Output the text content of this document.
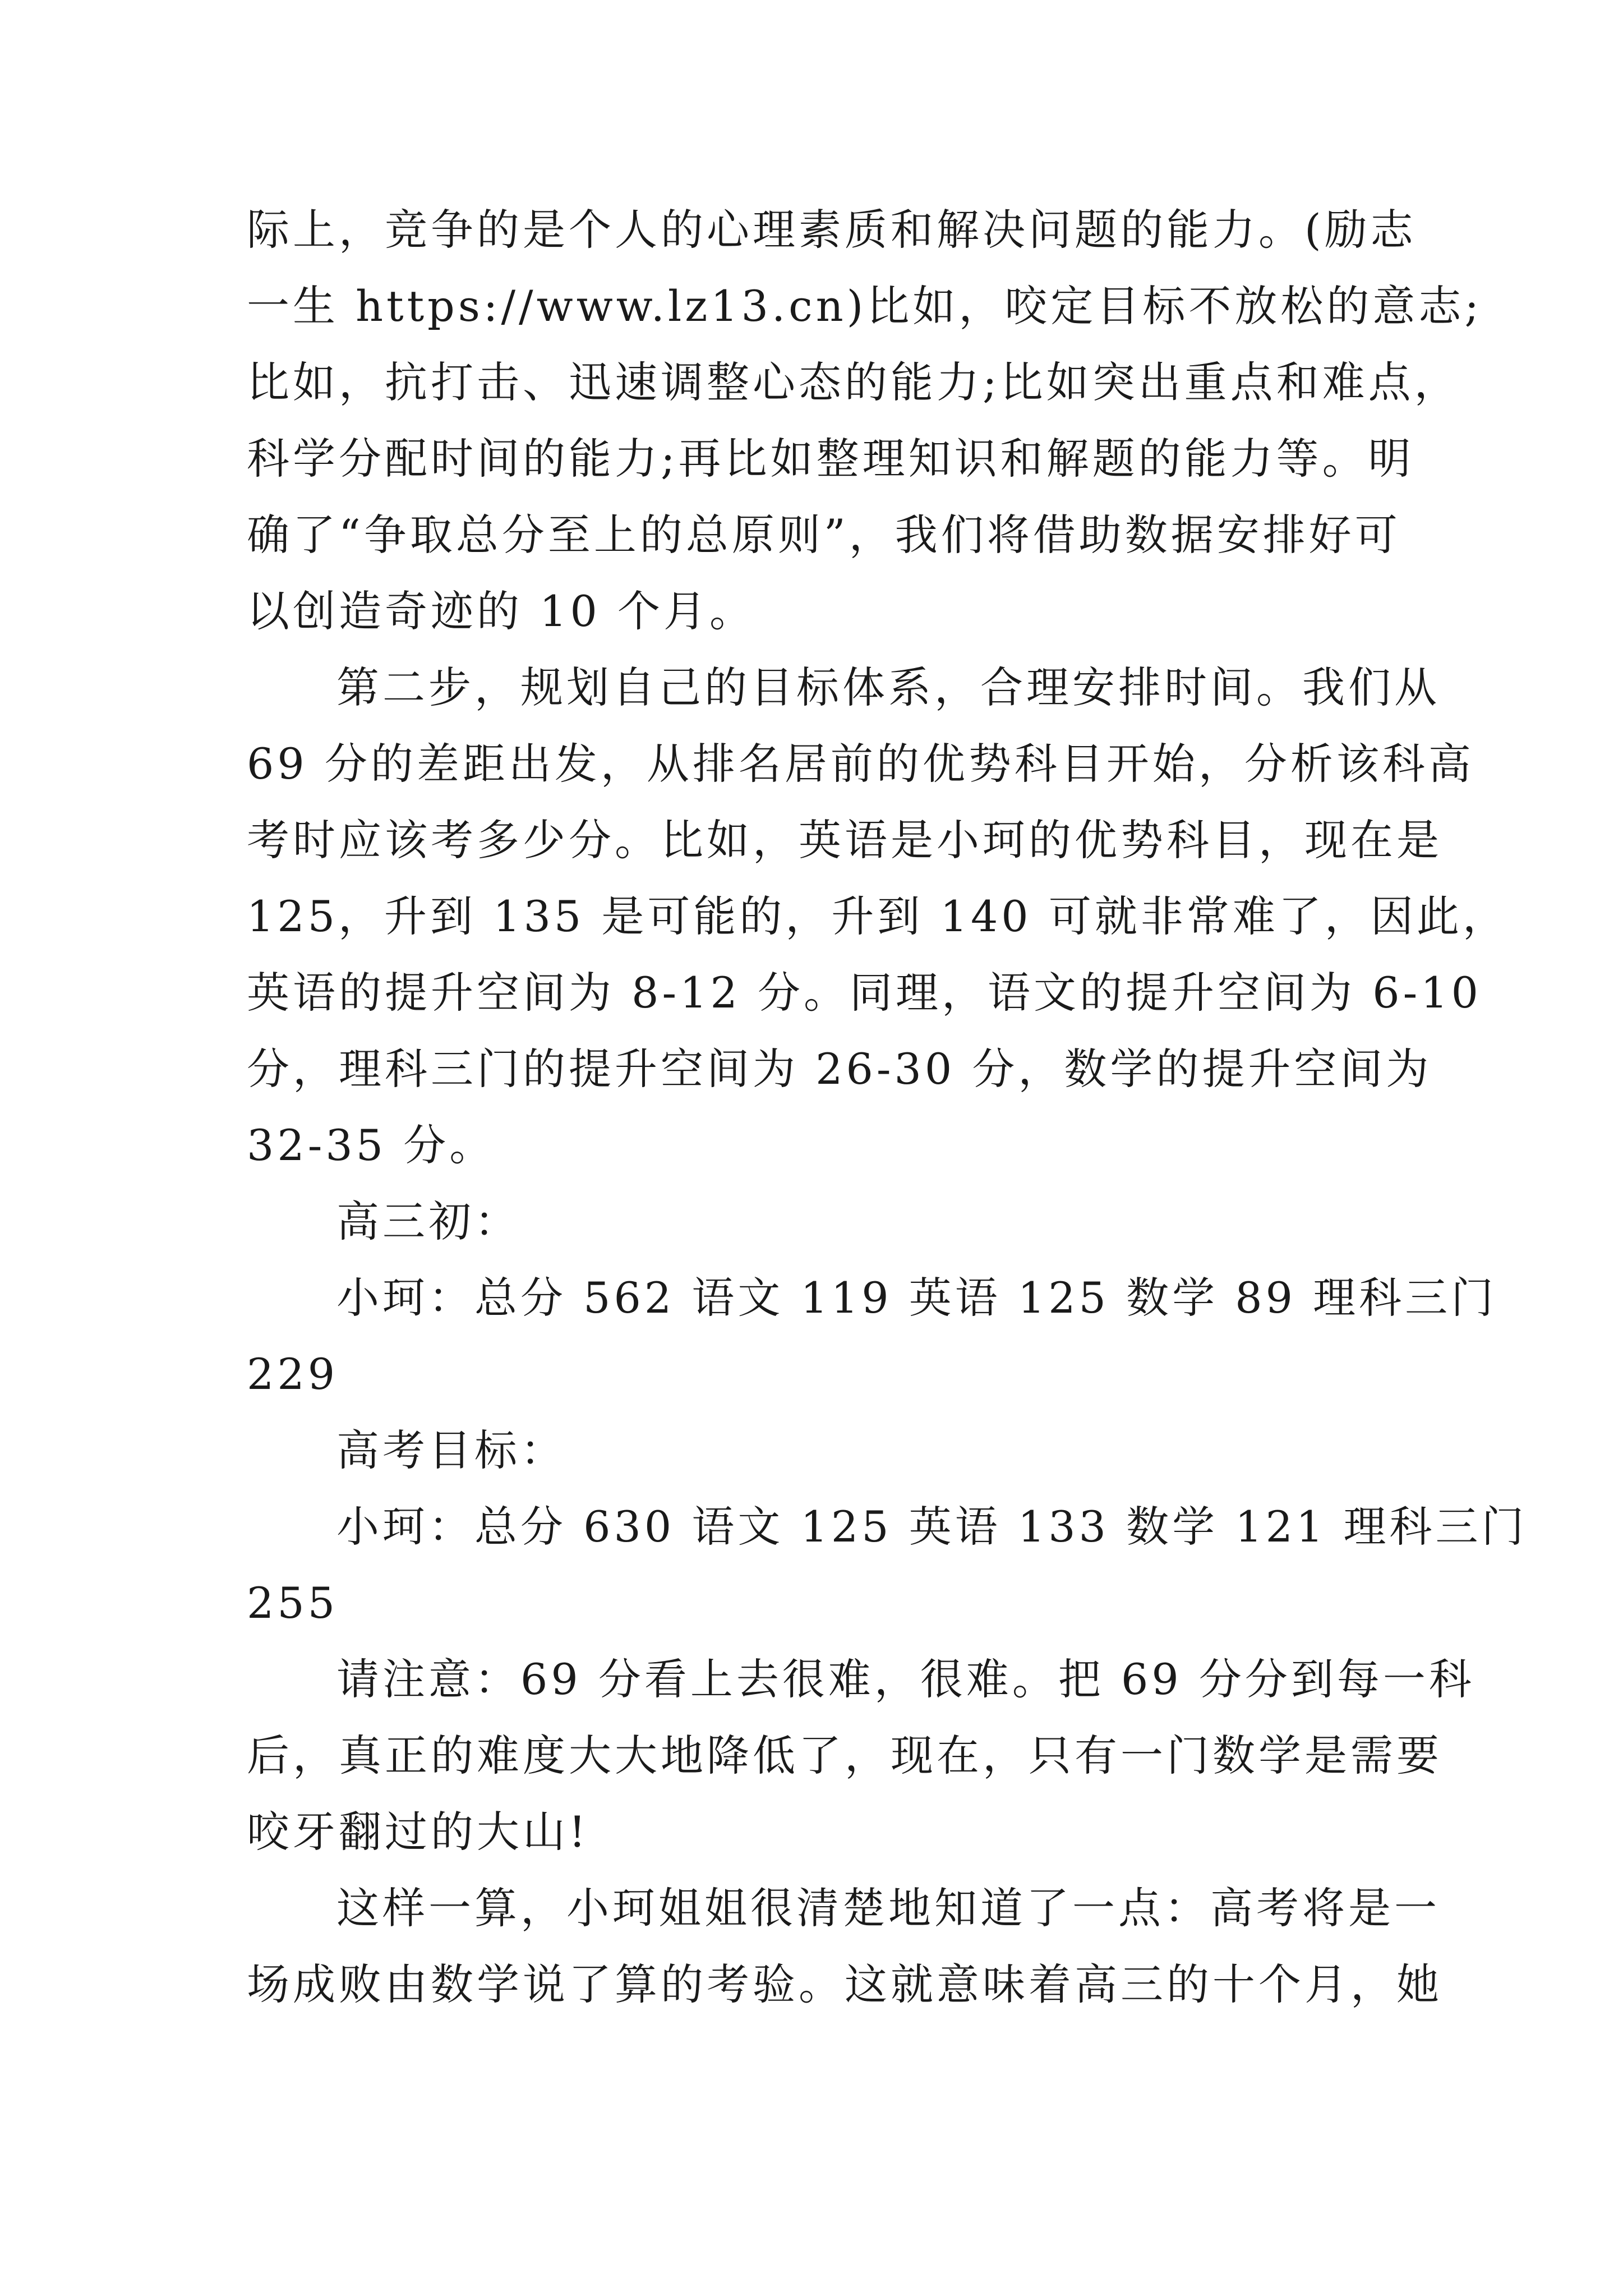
际上，竞争的是个人的心理素质和解决问题的能力。(励志
一生 https://www.lz13.cn)比如，咬定目标不放松的意志;
比如，抗打击、迅速调整心态的能力;比如突出重点和难点，
科学分配时间的能力;再比如整理知识和解题的能力等。明
确了“争取总分至上的总原则”，我们将借助数据安排好可
以创造奇迹的 10 个月。
第二步，规划自己的目标体系，合理安排时间。我们从
69 分的差距出发，从排名居前的优势科目开始，分析该科高
考时应该考多少分。比如，英语是小珂的优势科目，现在是
125，升到 135 是可能的，升到 140 可就非常难了，因此，
英语的提升空间为 8-12 分。同理，语文的提升空间为 6-10
分，理科三门的提升空间为 26-30 分，数学的提升空间为
32-35 分。
高三初：
小珂：总分 562 语文 119 英语 125 数学 89 理科三门
229
高考目标：
小珂：总分 630 语文 125 英语 133 数学 121 理科三门
255
请注意：69 分看上去很难，很难。把 69 分分到每一科
后，真正的难度大大地降低了，现在，只有一门数学是需要
咬牙翻过的大山!
这样一算，小珂姐姐很清楚地知道了一点：高考将是一
场成败由数学说了算的考验。这就意味着高三的十个月，她
